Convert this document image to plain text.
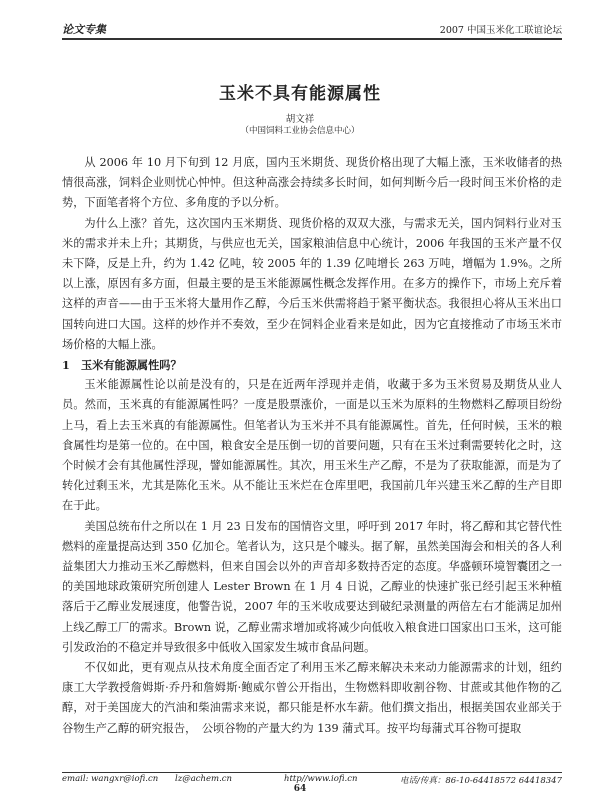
论文专集	2007 中国玉米化工联谊论坛
玉米不具有能源属性
胡文祥
（中国饲料工业协会信息中心）

从 2006 年 10 月下旬到 12 月底，国内玉米期货、现货价格出现了大幅上涨，玉米收储者的热情很高涨，饲料企业则忧心忡忡。但这种高涨会持续多长时间，如何判断今后一段时间玉米价格的走势，下面笔者将个方位、多角度的予以分析。

为什么上涨？首先，这次国内玉米期货、现货价格的双双大涨，与需求无关，国内饲料行业对玉米的需求并未上升；其期货，与供应也无关，国家粮油信息中心统计，2006 年我国的玉米产量不仅未下降，反是上升，约为 1.42 亿吨，较 2005 年的 1.39 亿吨增长 263 万吨，增幅为 1.9%。之所以上涨，原因有多方面，但最主要的是玉米能源属性概念发挥作用。在多方的操作下，市场上充斥着这样的声音——由于玉米将大量用作乙醇，今后玉米供需将趋于紧平衡状态。我很担心将从玉米出口国转向进口大国。这样的炒作并不奏效，至少在饲料企业看来是如此，因为它直接推动了市场玉米市场价格的大幅上涨。

1　玉米有能源属性吗？

玉米能源属性论以前是没有的，只是在近两年浮现并走俏，收藏于多为玉米贸易及期货从业人员。然而，玉米真的有能源属性吗？一度是股票涨价，一面是以玉米为原料的生物燃料乙醇项目纷纷上马，看上去玉米真的有能源属性。但笔者认为玉米并不具有能源属性。首先，任何时候，玉米的粮食属性均是第一位的。在中国，粮食安全是压倒一切的首要问题，只有在玉米过剩需要转化之时，这个时候才会有其他属性浮现，譬如能源属性。其次，用玉米生产乙醇，不是为了获取能源，而是为了转化过剩玉米，尤其是陈化玉米。从不能让玉米烂在仓库里吧，我国前几年兴建玉米乙醇的生产目即在于此。

美国总统布什之所以在 1 月 23 日发布的国情咨文里，呼吁到 2017 年时，将乙醇和其它替代性燃料的産量提高达到 350 亿加仑。笔者认为，这只是个噱头。据了解，虽然美国海会和相关的各人利益集团大力推动玉米乙醇燃料，但来自国会以外的声音却多数持否定的态度。华盛顿环境智囊团之一的美国地球政策研究所创建人 Lester Brown 在 1 月 4 日说，乙醇业的快速扩张已经引起玉米种植落后于乙醇业发展速度，他警告说，2007 年的玉米收成要达到破纪录测量的两倍左右才能满足加州上线乙醇工厂的需求。Brown 说，乙醇业需求增加或将减少向低收入粮食进口国家出口玉米，这可能引发政治的不稳定并导致很多中低收入国家发生城市食品问题。

不仅如此，更有观点从技术角度全面否定了利用玉米乙醇来解决未来动力能源需求的计划，纽约康工大学教授詹姆斯·乔丹和詹姆斯·鲍威尔曾公开指出，生物燃料即收割谷物、甘蔗或其他作物的乙醇，对于美国庞大的汽油和柴油需求来说，都只能是杯水车薪。他们撰文指出，根据美国农业部关于谷物生产乙醇的研究报告，　公顷谷物的产量大约为 139 蒲式耳。按平均每蒲式耳谷物可提取

email: wangxr@iofi.cn lz@achem.cn	http//www.iofi.cn	电话/传真：86-10-64418572 64418347
64
